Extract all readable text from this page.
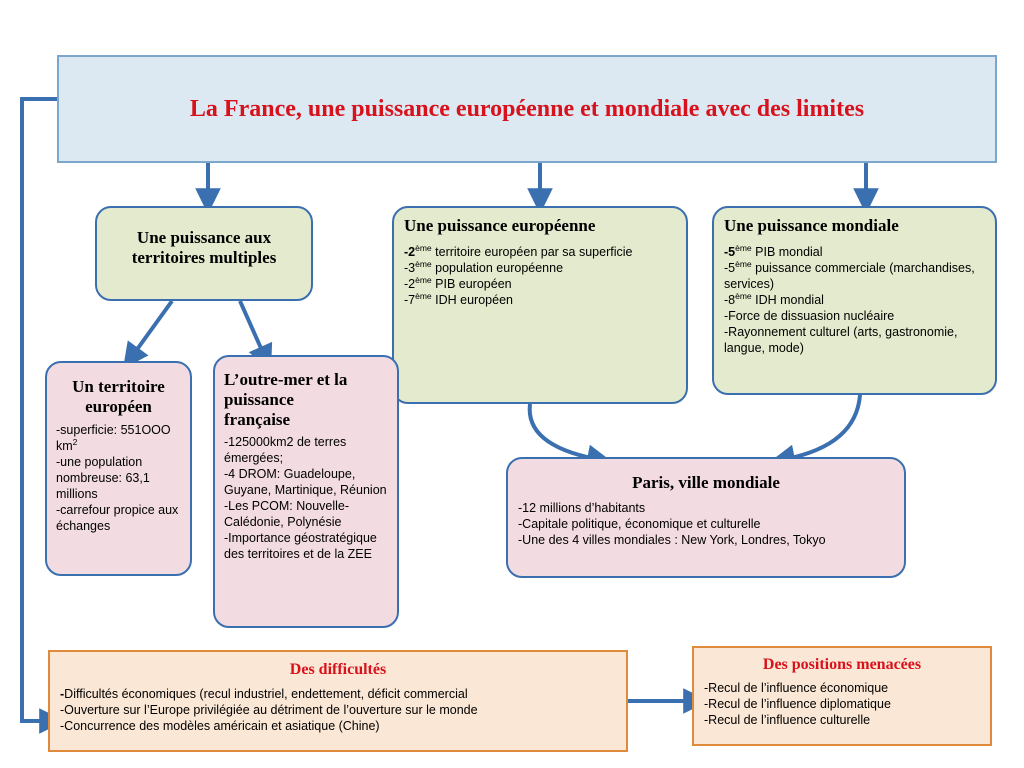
La France, une puissance européenne et mondiale avec des limites
Une puissance aux
territoires multiples
Une puissance européenne
-2ème territoire européen par sa superficie
-3ème population européenne
-2ème PIB européen
-7ème IDH européen
Une puissance mondiale
-5ème PIB mondial
-5ème puissance commerciale (marchandises, services)
-8ème IDH mondial
-Force de dissuasion nucléaire
-Rayonnement culturel (arts, gastronomie, langue, mode)
Un territoire
européen
-superficie: 551OOO $km^2$
-une population nombreuse: 63,1 millions
-carrefour propice aux échanges
L’outre-mer et la
puissance
française
-125000km2 de terres émergées;
-4 DROM: Guadeloupe, Guyane, Martinique, Réunion
-Les PCOM: Nouvelle-Calédonie, Polynésie
-Importance géostratégique des territoires et de la ZEE
Paris, ville mondiale
-12 millions d’habitants
-Capitale politique, économique et culturelle
-Une des 4 villes mondiales : New York, Londres, Tokyo
Des difficultés
-Difficultés économiques (recul industriel, endettement, déficit commercial
-Ouverture sur l’Europe privilégiée au détriment de l’ouverture sur le monde
-Concurrence des modèles américain et asiatique (Chine)
Des positions menacées
-Recul de l’influence économique
-Recul de l’influence diplomatique
-Recul de l’influence culturelle
